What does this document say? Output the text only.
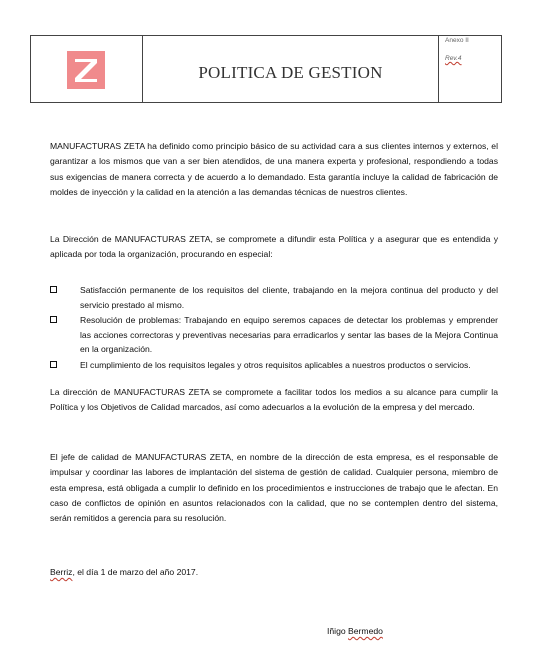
POLITICA DE GESTION
Anexo II
Rev.4

MANUFACTURAS ZETA ha definido como principio básico de su actividad cara a sus clientes internos y externos, el garantizar a los mismos que van a ser bien atendidos, de una manera experta y profesional, respondiendo a todas sus exigencias de manera correcta y de acuerdo a lo demandado. Esta garantía incluye la calidad de fabricación de moldes de inyección y la calidad en la atención a las demandas técnicas de nuestros clientes.

La Dirección de MANUFACTURAS ZETA, se compromete a difundir esta Política y a asegurar que es entendida y aplicada por toda la organización, procurando en especial:

Satisfacción permanente de los requisitos del cliente, trabajando en la mejora continua del producto y del servicio prestado al mismo.
Resolución de problemas: Trabajando en equipo seremos capaces de detectar los problemas y emprender las acciones correctoras y preventivas necesarias para erradicarlos y sentar las bases de la Mejora Continua en la organización.
El cumplimiento de los requisitos legales y otros requisitos aplicables a nuestros productos o servicios.

La dirección de MANUFACTURAS ZETA se compromete a facilitar todos los medios a su alcance para cumplir la Política y los Objetivos de Calidad marcados, así como adecuarlos a la evolución de la empresa y del mercado.

El jefe de calidad de MANUFACTURAS ZETA, en nombre de la dirección de esta empresa, es el responsable de impulsar y coordinar las labores de implantación del sistema de gestión de calidad. Cualquier persona, miembro de esta empresa, está obligada a cumplir lo definido en los procedimientos e instrucciones de trabajo que le afectan. En caso de conflictos de opinión en asuntos relacionados con la calidad, que no se contemplen dentro del sistema, serán remitidos a gerencia para su resolución.

Berriz, el día 1 de marzo del año 2017.
Iñigo Bermedo
